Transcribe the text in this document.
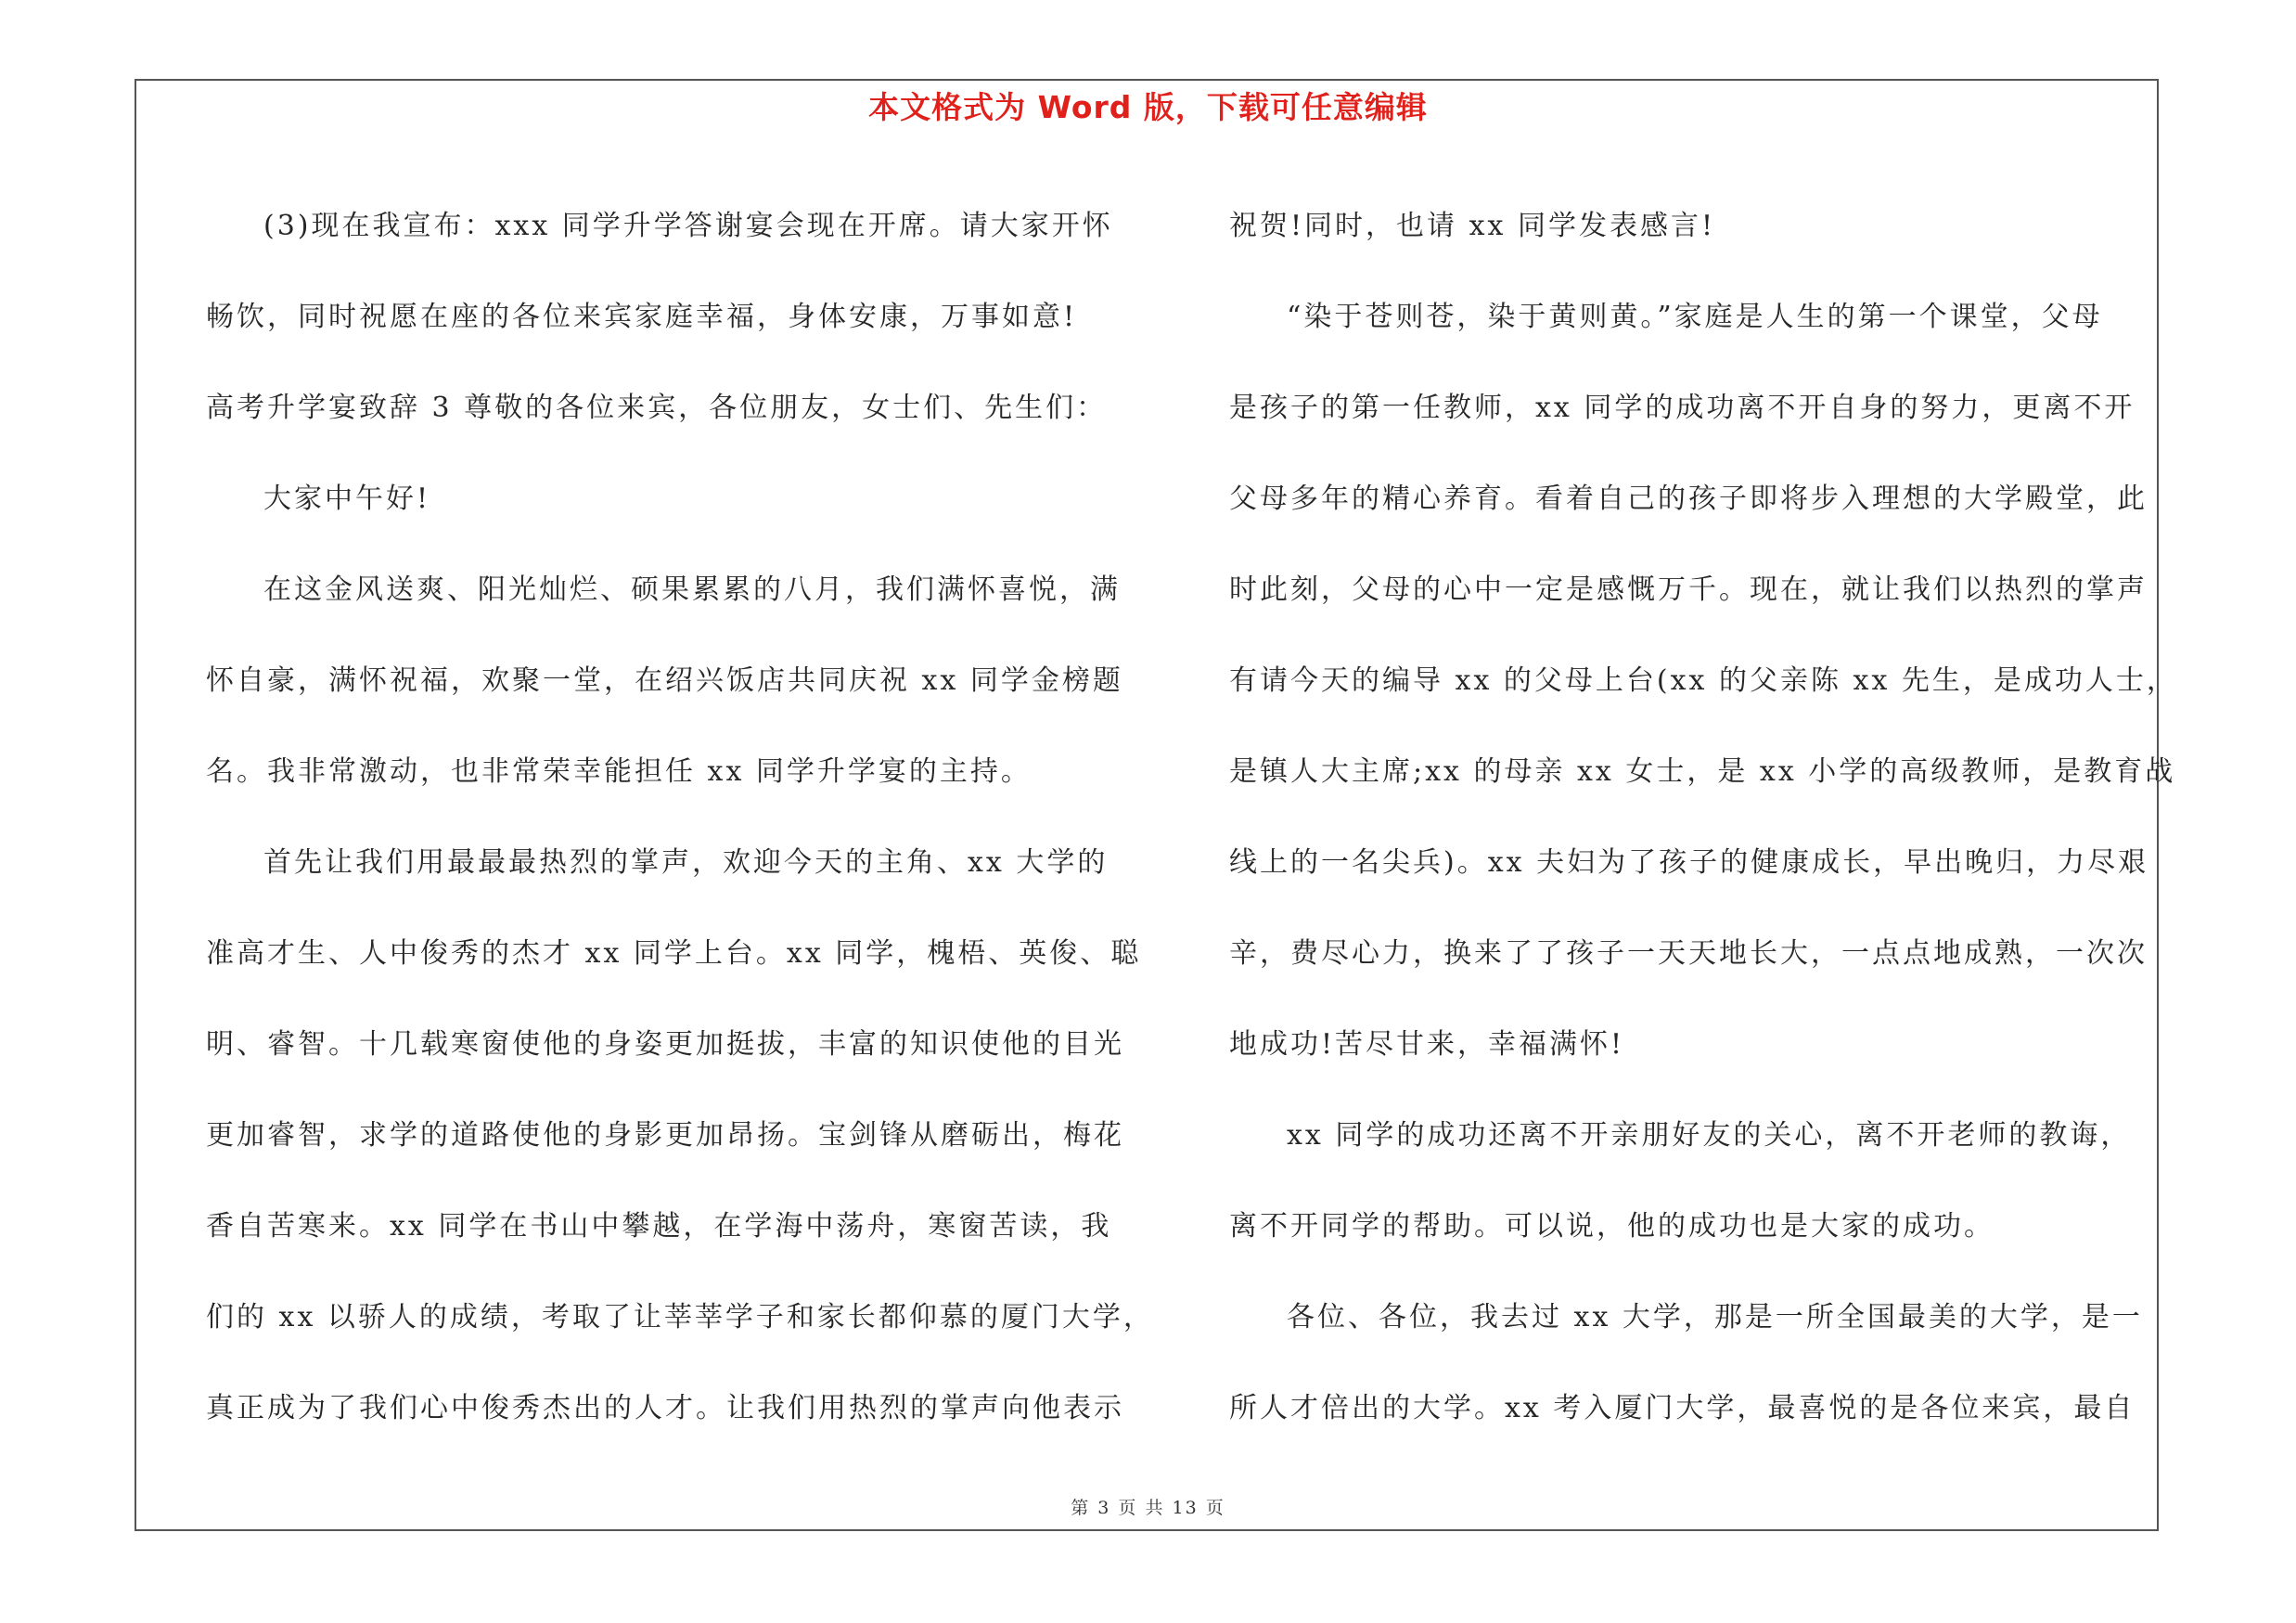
本文格式为 Word 版，下载可任意编辑
(3)现在我宣布：xxx 同学升学答谢宴会现在开席。请大家开怀
畅饮，同时祝愿在座的各位来宾家庭幸福，身体安康，万事如意!
高考升学宴致辞 3 尊敬的各位来宾，各位朋友，女士们、先生们：
大家中午好!
在这金风送爽、阳光灿烂、硕果累累的八月，我们满怀喜悦，满
怀自豪，满怀祝福，欢聚一堂，在绍兴饭店共同庆祝 xx 同学金榜题
名。我非常激动，也非常荣幸能担任 xx 同学升学宴的主持。
首先让我们用最最最热烈的掌声，欢迎今天的主角、xx 大学的
准高才生、人中俊秀的杰才 xx 同学上台。xx 同学，槐梧、英俊、聪
明、睿智。十几载寒窗使他的身姿更加挺拔，丰富的知识使他的目光
更加睿智，求学的道路使他的身影更加昂扬。宝剑锋从磨砺出，梅花
香自苦寒来。xx 同学在书山中攀越，在学海中荡舟，寒窗苦读，我
们的 xx 以骄人的成绩，考取了让莘莘学子和家长都仰慕的厦门大学，
真正成为了我们心中俊秀杰出的人才。让我们用热烈的掌声向他表示
祝贺!同时，也请 xx 同学发表感言!
“染于苍则苍，染于黄则黄。”家庭是人生的第一个课堂，父母
是孩子的第一任教师，xx 同学的成功离不开自身的努力，更离不开
父母多年的精心养育。看着自己的孩子即将步入理想的大学殿堂，此
时此刻，父母的心中一定是感慨万千。现在，就让我们以热烈的掌声
有请今天的编导 xx 的父母上台(xx 的父亲陈 xx 先生，是成功人士，
是镇人大主席;xx 的母亲 xx 女士，是 xx 小学的高级教师，是教育战
线上的一名尖兵)。xx 夫妇为了孩子的健康成长，早出晚归，力尽艰
辛，费尽心力，换来了了孩子一天天地长大，一点点地成熟，一次次
地成功!苦尽甘来，幸福满怀!
xx 同学的成功还离不开亲朋好友的关心，离不开老师的教诲，
离不开同学的帮助。可以说，他的成功也是大家的成功。
各位、各位，我去过 xx 大学，那是一所全国最美的大学，是一
所人才倍出的大学。xx 考入厦门大学，最喜悦的是各位来宾，最自
第 3 页 共 13 页
